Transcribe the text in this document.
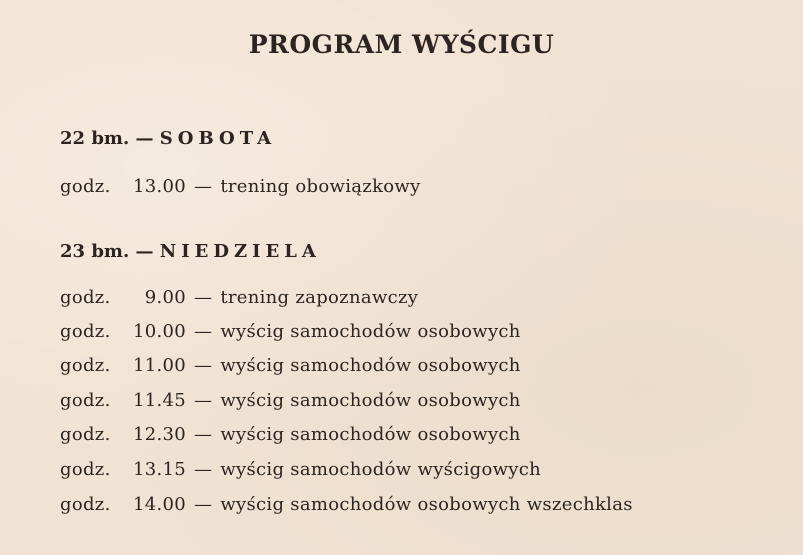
PROGRAM WYŚCIGU
22 bm. — SOBOTA
godz. 13.00 — trening obowiązkowy
23 bm. — NIEDZIELA
godz. 9.00 — trening zapoznawczy
godz. 10.00 — wyścig samochodów osobowych
godz. 11.00 — wyścig samochodów osobowych
godz. 11.45 — wyścig samochodów osobowych
godz. 12.30 — wyścig samochodów osobowych
godz. 13.15 — wyścig samochodów wyścigowych
godz. 14.00 — wyścig samochodów osobowych wszechklas
